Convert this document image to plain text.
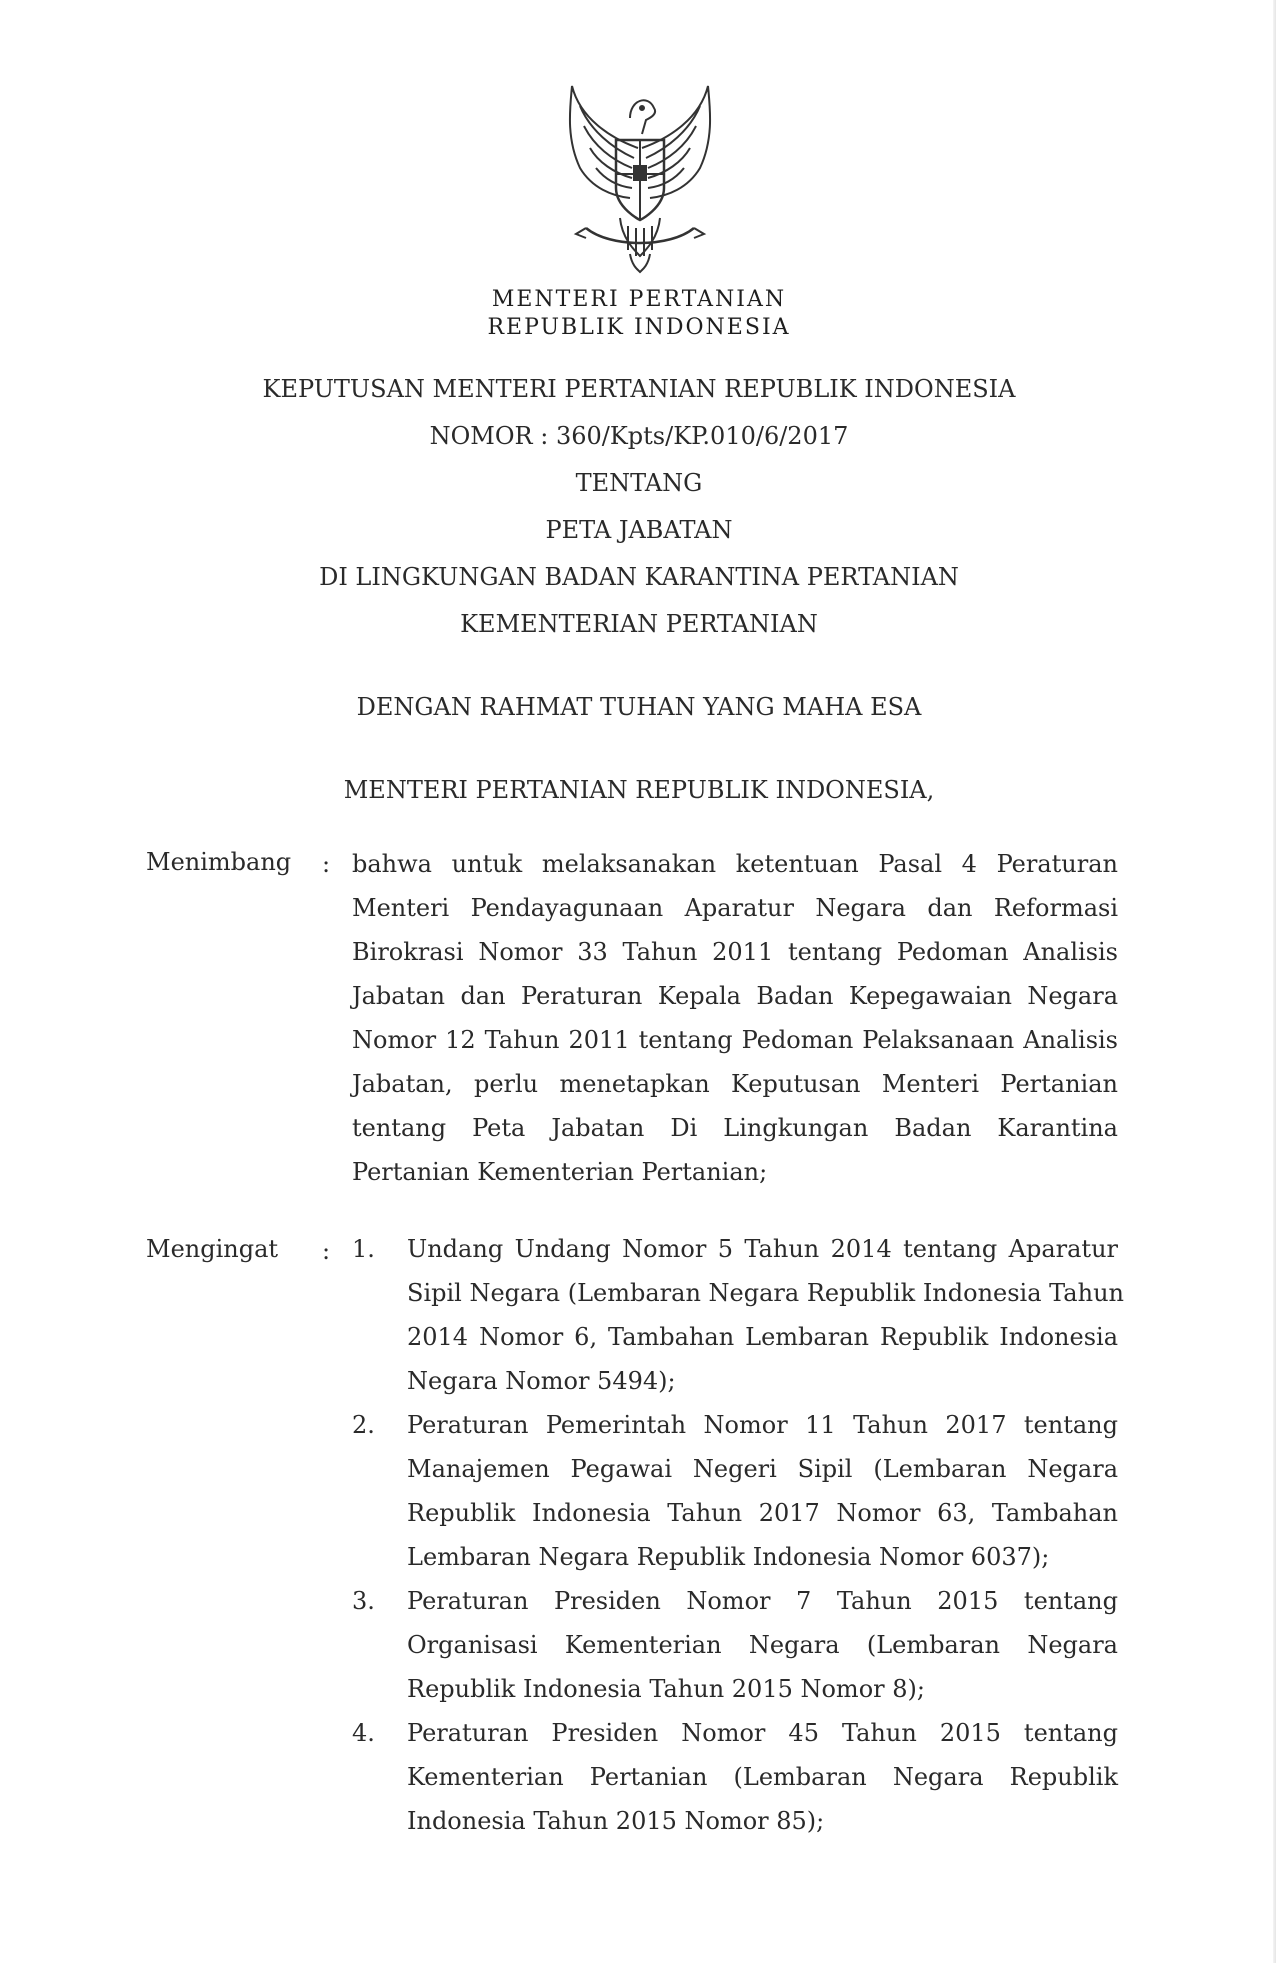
MENTERI PERTANIAN
REPUBLIK INDONESIA
KEPUTUSAN MENTERI PERTANIAN REPUBLIK INDONESIA
NOMOR : 360/Kpts/KP.010/6/2017
TENTANG
PETA JABATAN
DI LINGKUNGAN BADAN KARANTINA PERTANIAN
KEMENTERIAN PERTANIAN
DENGAN RAHMAT TUHAN YANG MAHA ESA
MENTERI PERTANIAN REPUBLIK INDONESIA,
Menimbang : bahwa untuk melaksanakan ketentuan Pasal 4 Peraturan
Menteri Pendayagunaan Aparatur Negara dan Reformasi
Birokrasi Nomor 33 Tahun 2011 tentang Pedoman Analisis
Jabatan dan Peraturan Kepala Badan Kepegawaian Negara
Nomor 12 Tahun 2011 tentang Pedoman Pelaksanaan Analisis
Jabatan, perlu menetapkan Keputusan Menteri Pertanian
tentang Peta Jabatan Di Lingkungan Badan Karantina
Pertanian Kementerian Pertanian;
Mengingat : 1. Undang Undang Nomor 5 Tahun 2014 tentang Aparatur
Sipil Negara (Lembaran Negara Republik Indonesia Tahun
2014 Nomor 6, Tambahan Lembaran Republik Indonesia
Negara Nomor 5494);
2. Peraturan Pemerintah Nomor 11 Tahun 2017 tentang
Manajemen Pegawai Negeri Sipil (Lembaran Negara
Republik Indonesia Tahun 2017 Nomor 63, Tambahan
Lembaran Negara Republik Indonesia Nomor 6037);
3. Peraturan Presiden Nomor 7 Tahun 2015 tentang
Organisasi Kementerian Negara (Lembaran Negara
Republik Indonesia Tahun 2015 Nomor 8);
4. Peraturan Presiden Nomor 45 Tahun 2015 tentang
Kementerian Pertanian (Lembaran Negara Republik
Indonesia Tahun 2015 Nomor 85);
